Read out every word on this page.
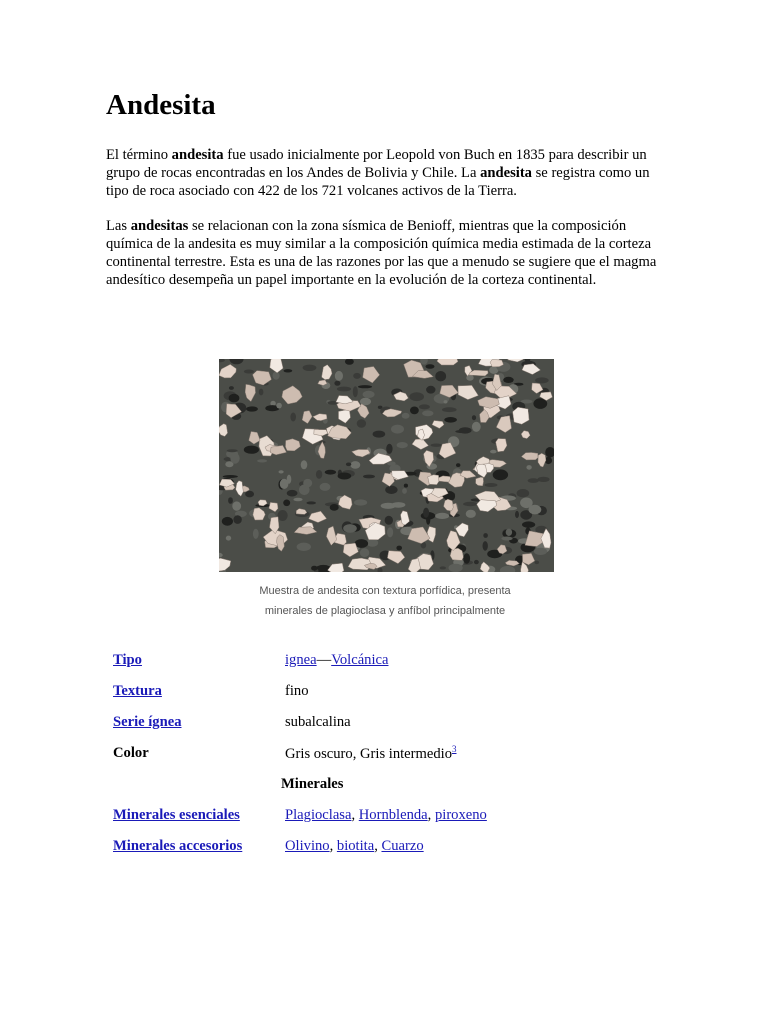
Andesita

El término andesita fue usado inicialmente por Leopold von Buch en 1835 para describir un grupo de rocas encontradas en los Andes de Bolivia y Chile. La andesita se registra como un tipo de roca asociado con 422 de los 721 volcanes activos de la Tierra.

Las andesitas se relacionan con la zona sísmica de Benioff, mientras que la composición química de la andesita es muy similar a la composición química media estimada de la corteza continental terrestre. Esta es una de las razones por las que a menudo se sugiere que el magma andesítico desempeña un papel importante en la evolución de la corteza continental.

Muestra de andesita con textura porfídica, presenta
minerales de plagioclasa y anfíbol principalmente
Tipo	ignea—Volcánica
Textura	fino
Serie ígnea	subalcalina
Color	Gris oscuro, Gris intermedio$^3$
Minerales	
Minerales esenciales	Plagioclasa, Hornblenda, piroxeno
Minerales accesorios	Olivino, biotita, Cuarzo
